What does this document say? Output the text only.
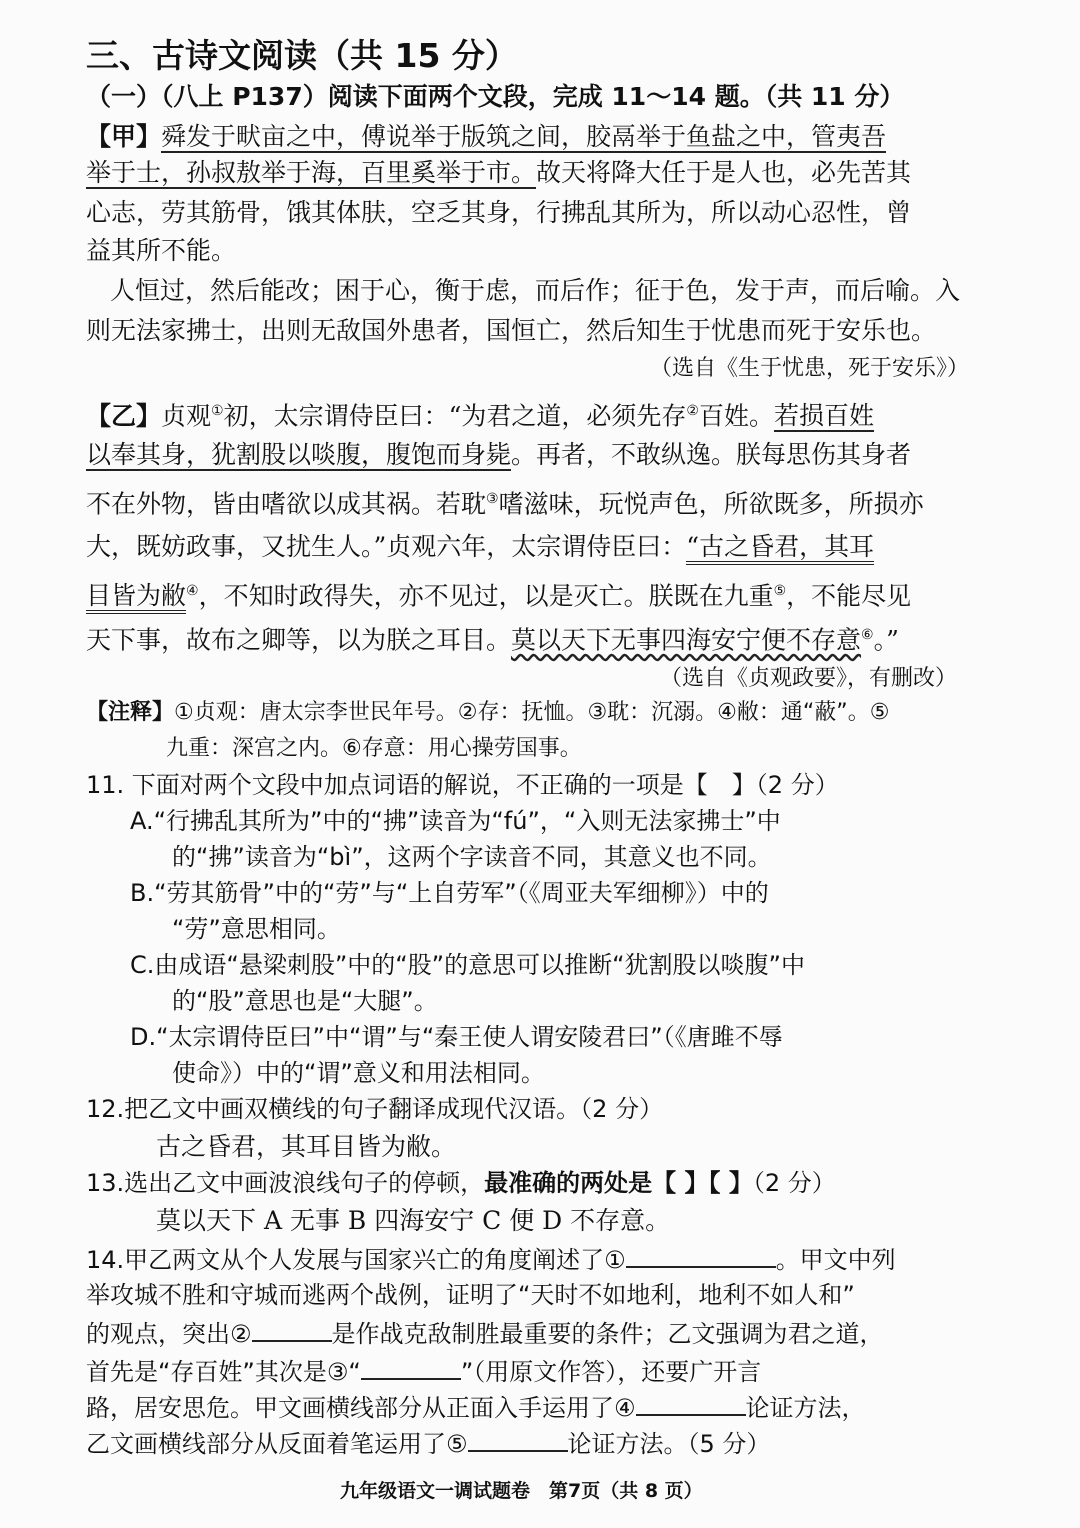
三、古诗文阅读（共 15 分）
（一）（八上 P137）阅读下面两个文段，完成 11～14 题。（共 11 分）
【甲】舜发于畎亩之中，傅说举于版筑之间，胶鬲举于鱼盐之中，管夷吾
举于士，孙叔敖举于海，百里奚举于市。故天将降大任于是人也，必先苦其
心志，劳其筋骨，饿其体肤，空乏其身，行拂乱其所为，所以动心忍性，曾
益其所不能。
人恒过，然后能改；困于心，衡于虑，而后作；征于色，发于声，而后喻。入
则无法家拂士，出则无敌国外患者，国恒亡，然后知生于忧患而死于安乐也。
（选自《生于忧患，死于安乐》）
【乙】贞观①初，太宗谓侍臣曰：“为君之道，必须先存②百姓。若损百姓
以奉其身，犹割股以啖腹，腹饱而身毙。再者，不敢纵逸。朕每思伤其身者
不在外物，皆由嗜欲以成其祸。若耽③嗜滋味，玩悦声色，所欲既多，所损亦
大，既妨政事，又扰生人。”贞观六年，太宗谓侍臣曰：“古之昏君，其耳
目皆为敝④，不知时政得失，亦不见过，以是灭亡。朕既在九重⑤，不能尽见
天下事，故布之卿等，以为朕之耳目。莫以天下无事四海安宁便不存意⑥。”
（选自《贞观政要》，有删改）
【注释】①贞观：唐太宗李世民年号。②存：抚恤。③耽：沉溺。④敝：通“蔽”。⑤
九重：深宫之内。⑥存意：用心操劳国事。
11. 下面对两个文段中加点词语的解说，不正确的一项是【　】（2 分）
A.“行拂乱其所为”中的“拂”读音为“fú”，“入则无法家拂士”中
的“拂”读音为“bì”，这两个字读音不同，其意义也不同。
B.“劳其筋骨”中的“劳”与“上自劳军”（《周亚夫军细柳》）中的
“劳”意思相同。
C.由成语“悬梁刺股”中的“股”的意思可以推断“犹割股以啖腹”中
的“股”意思也是“大腿”。
D.“太宗谓侍臣曰”中“谓”与“秦王使人谓安陵君曰”（《唐雎不辱
使命》）中的“谓”意义和用法相同。
12.把乙文中画双横线的句子翻译成现代汉语。（2 分）
古之昏君，其耳目皆为敝。
13.选出乙文中画波浪线句子的停顿，最准确的两处是【 】【 】（2 分）
莫以天下 A 无事 B 四海安宁 C 便 D 不存意。
14.甲乙两文从个人发展与国家兴亡的角度阐述了①	。甲文中列
举攻城不胜和守城而逃两个战例，证明了“天时不如地利，地利不如人和”
的观点，突出②	是作战克敌制胜最重要的条件；乙文强调为君之道，
首先是“存百姓”其次是③“	”（用原文作答），还要广开言
路，居安思危。甲文画横线部分从正面入手运用了④	论证方法，
乙文画横线部分从反面着笔运用了⑤	论证方法。（5 分）
九年级语文一调试题卷　第7页（共 8 页）
